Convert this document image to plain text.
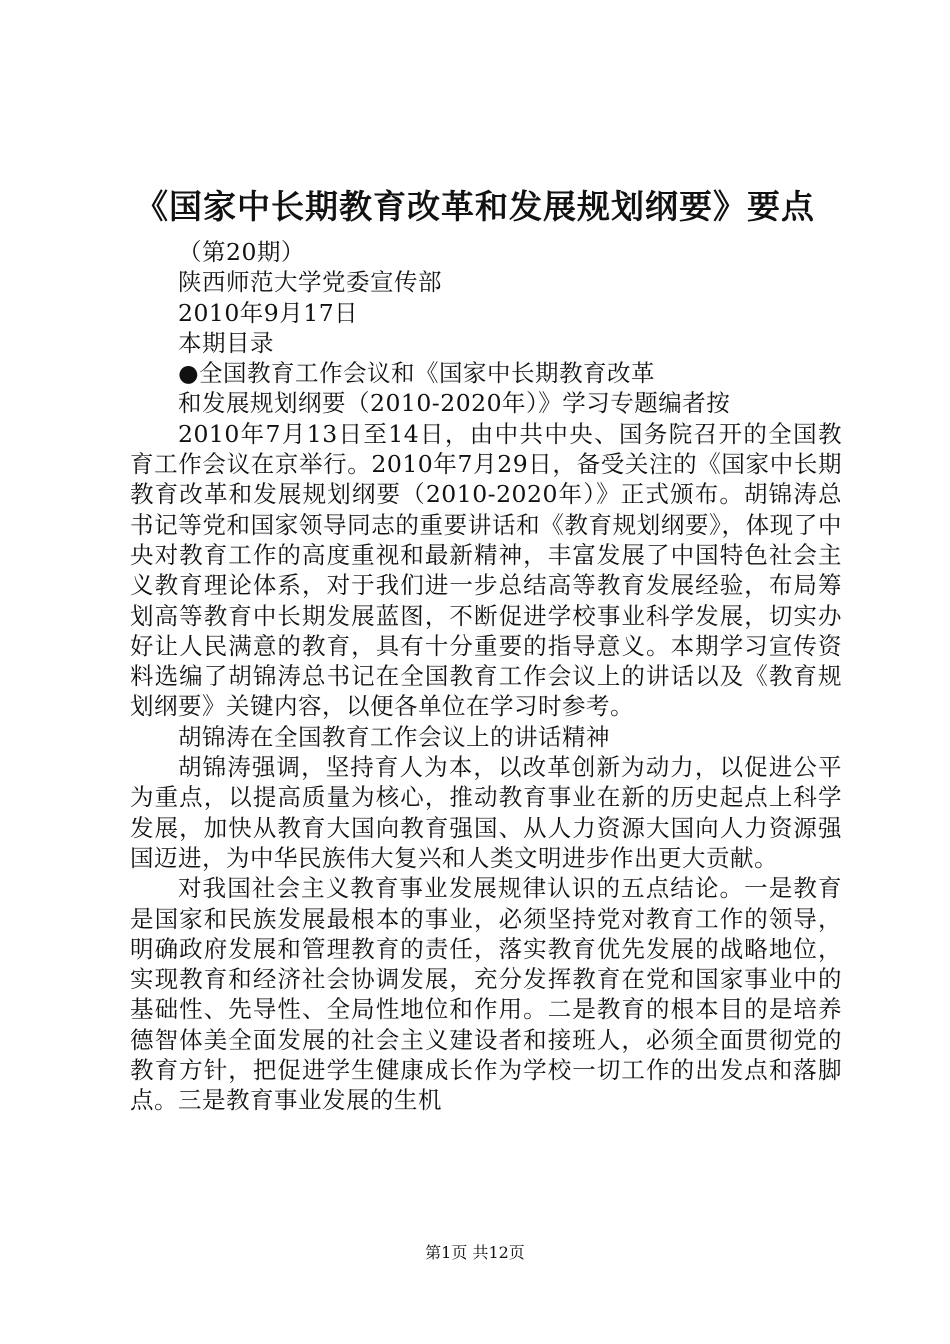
《国家中长期教育改革和发展规划纲要》要点

（第20期）

陕西师范大学党委宣传部

2010年9月17日

本期目录

●全国教育工作会议和《国家中长期教育改革

和发展规划纲要（2010-2020年）》学习专题编者按

2010年7月13日至14日，由中共中央、国务院召开的全国教育工作会议在京举行。2010年7月29日，备受关注的《国家中长期教育改革和发展规划纲要（2010-2020年）》正式颁布。胡锦涛总书记等党和国家领导同志的重要讲话和《教育规划纲要》，体现了中央对教育工作的高度重视和最新精神，丰富发展了中国特色社会主义教育理论体系，对于我们进一步总结高等教育发展经验，布局筹划高等教育中长期发展蓝图，不断促进学校事业科学发展，切实办好让人民满意的教育，具有十分重要的指导意义。本期学习宣传资料选编了胡锦涛总书记在全国教育工作会议上的讲话以及《教育规划纲要》关键内容，以便各单位在学习时参考。

胡锦涛在全国教育工作会议上的讲话精神

胡锦涛强调，坚持育人为本，以改革创新为动力，以促进公平为重点，以提高质量为核心，推动教育事业在新的历史起点上科学发展，加快从教育大国向教育强国、从人力资源大国向人力资源强国迈进，为中华民族伟大复兴和人类文明进步作出更大贡献。

对我国社会主义教育事业发展规律认识的五点结论。一是教育是国家和民族发展最根本的事业，必须坚持党对教育工作的领导，明确政府发展和管理教育的责任，落实教育优先发展的战略地位，实现教育和经济社会协调发展，充分发挥教育在党和国家事业中的基础性、先导性、全局性地位和作用。二是教育的根本目的是培养德智体美全面发展的社会主义建设者和接班人，必须全面贯彻党的教育方针，把促进学生健康成长作为学校一切工作的出发点和落脚点。三是教育事业发展的生机

第1页 共12页
